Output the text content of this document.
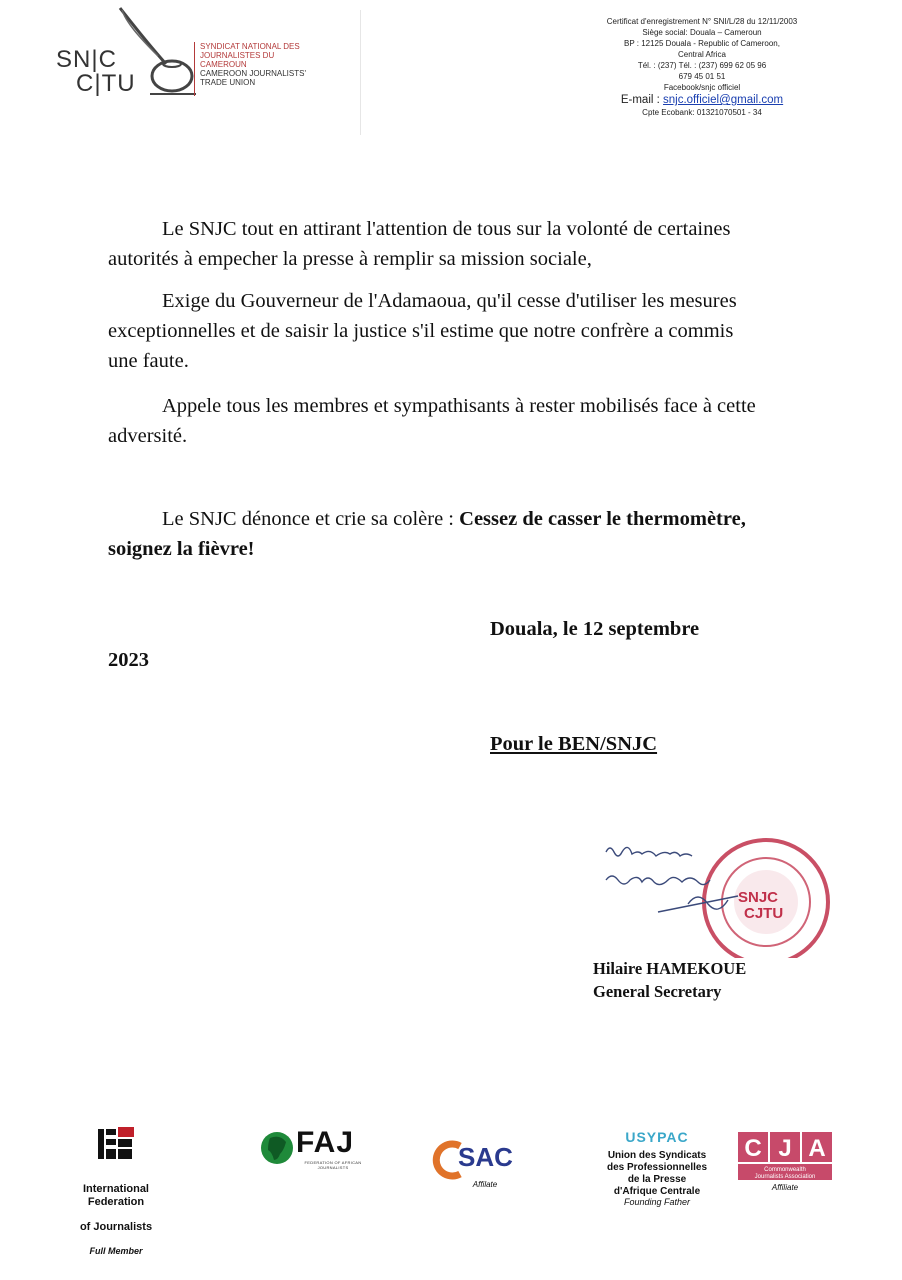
SN|C
C|TU
SYNDICAT NATIONAL DES JOURNALISTES DU CAMEROUN
CAMEROON JOURNALISTS' TRADE UNION
Certificat d'enregistrement N° SNI/L/28 du 12/11/2003
Siège social: Douala – Cameroun
BP : 12125 Douala - Republic of Cameroon,
Central Africa
Tél. : (237) Tél. : (237) 699 62 05 96
679 45 01 51
Facebook/snjc officiel
E-mail : snjc.officiel@gmail.com
Cpte Ecobank: 01321070501 - 34

Le SNJC tout en attirant l'attention de tous sur la volonté de certaines autorités à empecher la presse à remplir sa mission sociale,

Exige du Gouverneur de l'Adamaoua, qu'il cesse d'utiliser les mesures exceptionnelles et de saisir la justice s'il estime que notre confrère a commis une faute.

Appele tous les membres et sympathisants à rester mobilisés face à cette adversité.

Le SNJC dénonce et crie sa colère : Cessez de casser le thermomètre, soignez la fièvre!

Douala, le 12 septembre
2023
Pour le BEN/SNJC
SNJC
CJTU
Hilaire HAMEKOUE
General Secretary
International Federation
of Journalists
Full Member
FAJ
FEDERATION OF AFRICAN JOURNALISTS	SAC
Affilate
USYPAC
Union des Syndicats
des Professionnelles
de la Presse
d'Afrique Centrale
Founding Father
C J A
Commonwealth
Journalists Association
Affiliate
